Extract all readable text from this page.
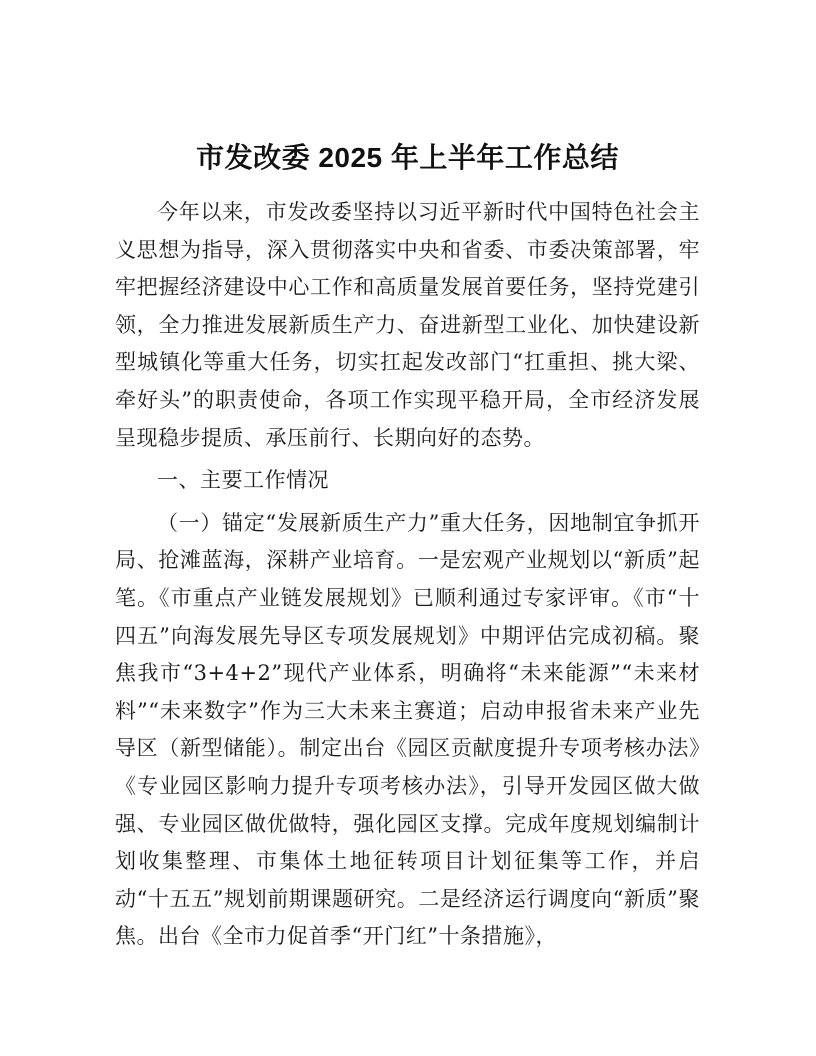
市发改委 2025 年上半年工作总结

今年以来，市发改委坚持以习近平新时代中国特色社会主义思想为指导，深入贯彻落实中央和省委、市委决策部署，牢牢把握经济建设中心工作和高质量发展首要任务，坚持党建引领，全力推进发展新质生产力、奋进新型工业化、加快建设新型城镇化等重大任务，切实扛起发改部门“扛重担、挑大梁、牵好头”的职责使命，各项工作实现平稳开局，全市经济发展呈现稳步提质、承压前行、长期向好的态势。

一、主要工作情况

（一）锚定“发展新质生产力”重大任务，因地制宜争抓开局、抢滩蓝海，深耕产业培育。一是宏观产业规划以“新质”起笔。《市重点产业链发展规划》已顺利通过专家评审。《市“十四五”向海发展先导区专项发展规划》中期评估完成初稿。聚焦我市“3+4+2”现代产业体系，明确将“未来能源”“未来材料”“未来数字”作为三大未来主赛道；启动申报省未来产业先导区（新型储能）。制定出台《园区贡献度提升专项考核办法》《专业园区影响力提升专项考核办法》，引导开发园区做大做强、专业园区做优做特，强化园区支撑。完成年度规划编制计划收集整理、市集体土地征转项目计划征集等工作，并启动“十五五”规划前期课题研究。二是经济运行调度向“新质”聚焦。出台《全市力促首季“开门红”十条措施》，
